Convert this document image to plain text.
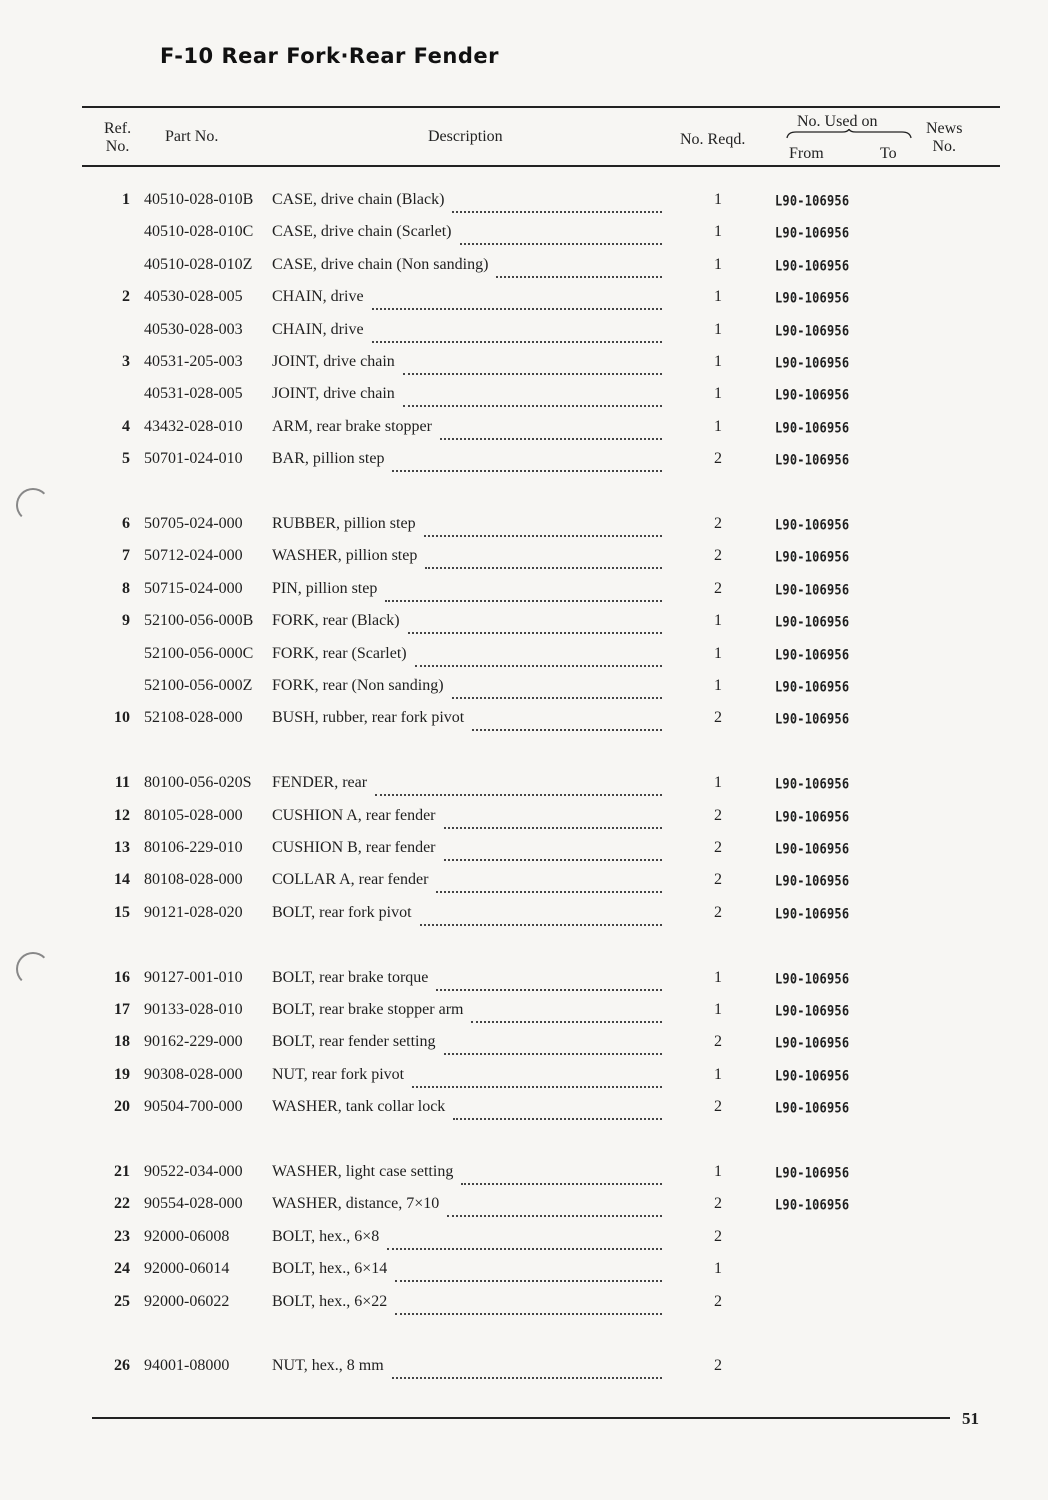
F-10 Rear Fork·Rear Fender
Ref.
No.
Part No.	Description	No. Reqd.
No. Used on
From	To
News
No.
1 40510-028-010B CASE, drive chain (Black)	1	L90-106956
40510-028-010C CASE, drive chain (Scarlet)	1	L90-106956
40510-028-010Z CASE, drive chain (Non sanding)	1	L90-106956
2 40530-028-005 CHAIN, drive	1	L90-106956
40530-028-003 CHAIN, drive	1	L90-106956
3 40531-205-003 JOINT, drive chain	1	L90-106956
40531-028-005 JOINT, drive chain	1	L90-106956
4 43432-028-010 ARM, rear brake stopper	1	L90-106956
5 50701-024-010 BAR, pillion step	2	L90-106956
6 50705-024-000 RUBBER, pillion step	2	L90-106956
7 50712-024-000 WASHER, pillion step	2	L90-106956
8 50715-024-000 PIN, pillion step	2	L90-106956
9 52100-056-000B FORK, rear (Black)	1	L90-106956
52100-056-000C FORK, rear (Scarlet)	1	L90-106956
52100-056-000Z FORK, rear (Non sanding)	1	L90-106956
10 52108-028-000 BUSH, rubber, rear fork pivot	2	L90-106956
11 80100-056-020S FENDER, rear	1	L90-106956
12 80105-028-000 CUSHION A, rear fender	2	L90-106956
13 80106-229-010 CUSHION B, rear fender	2	L90-106956
14 80108-028-000 COLLAR A, rear fender	2	L90-106956
15 90121-028-020 BOLT, rear fork pivot	2	L90-106956
16 90127-001-010 BOLT, rear brake torque	1	L90-106956
17 90133-028-010 BOLT, rear brake stopper arm	1	L90-106956
18 90162-229-000 BOLT, rear fender setting	2	L90-106956
19 90308-028-000 NUT, rear fork pivot	1	L90-106956
20 90504-700-000 WASHER, tank collar lock	2	L90-106956
21 90522-034-000 WASHER, light case setting	1	L90-106956
22 90554-028-000 WASHER, distance, 7×10	2	L90-106956
23 92000-06008	BOLT, hex., 6×8	2
24 92000-06014	BOLT, hex., 6×14	1
25 92000-06022	BOLT, hex., 6×22	2
26 94001-08000	NUT, hex., 8 mm	2
51
